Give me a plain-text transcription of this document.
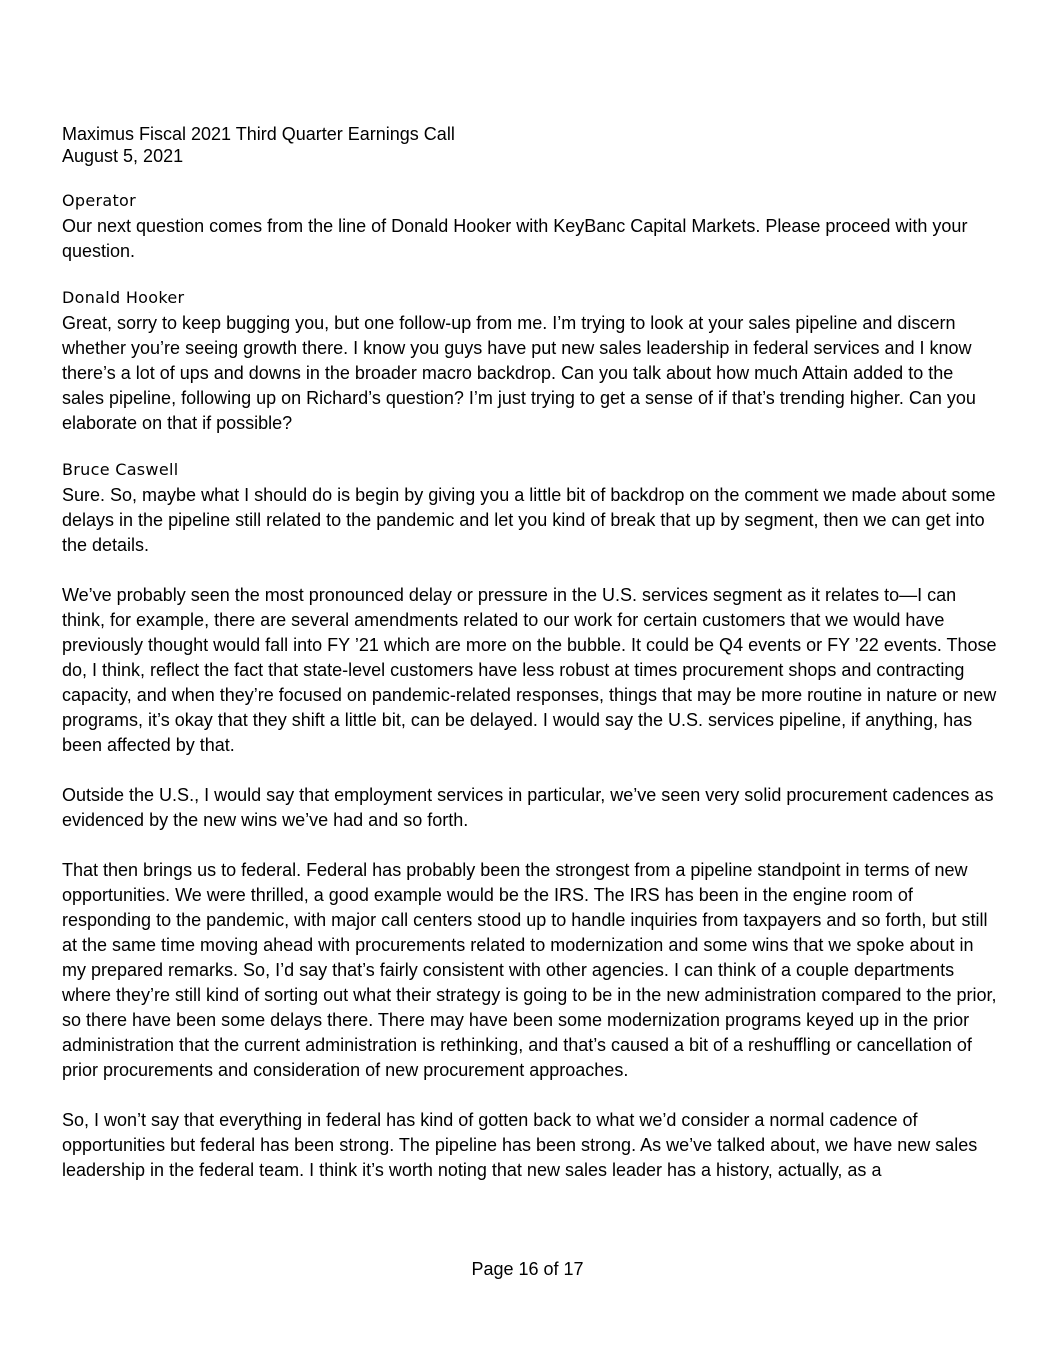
Maximus Fiscal 2021 Third Quarter Earnings Call

August 5, 2021

Operator

Our next question comes from the line of Donald Hooker with KeyBanc Capital Markets. Please proceed with your question.

Donald Hooker

Great, sorry to keep bugging you, but one follow-up from me. I’m trying to look at your sales pipeline and discern whether you’re seeing growth there. I know you guys have put new sales leadership in federal services and I know there’s a lot of ups and downs in the broader macro backdrop. Can you talk about how much Attain added to the sales pipeline, following up on Richard’s question? I’m just trying to get a sense of if that’s trending higher. Can you elaborate on that if possible?

Bruce Caswell

Sure. So, maybe what I should do is begin by giving you a little bit of backdrop on the comment we made about some delays in the pipeline still related to the pandemic and let you kind of break that up by segment, then we can get into the details.

We’ve probably seen the most pronounced delay or pressure in the U.S. services segment as it relates to—I can think, for example, there are several amendments related to our work for certain customers that we would have previously thought would fall into FY ’21 which are more on the bubble. It could be Q4 events or FY ’22 events. Those do, I think, reflect the fact that state-level customers have less robust at times procurement shops and contracting capacity, and when they’re focused on pandemic-related responses, things that may be more routine in nature or new programs, it’s okay that they shift a little bit, can be delayed. I would say the U.S. services pipeline, if anything, has been affected by that.

Outside the U.S., I would say that employment services in particular, we’ve seen very solid procurement cadences as evidenced by the new wins we’ve had and so forth.

That then brings us to federal. Federal has probably been the strongest from a pipeline standpoint in terms of new opportunities. We were thrilled, a good example would be the IRS. The IRS has been in the engine room of responding to the pandemic, with major call centers stood up to handle inquiries from taxpayers and so forth, but still at the same time moving ahead with procurements related to modernization and some wins that we spoke about in my prepared remarks. So, I’d say that’s fairly consistent with other agencies. I can think of a couple departments where they’re still kind of sorting out what their strategy is going to be in the new administration compared to the prior, so there have been some delays there. There may have been some modernization programs keyed up in the prior administration that the current administration is rethinking, and that’s caused a bit of a reshuffling or cancellation of prior procurements and consideration of new procurement approaches.

So, I won’t say that everything in federal has kind of gotten back to what we’d consider a normal cadence of opportunities but federal has been strong. The pipeline has been strong. As we’ve talked about, we have new sales leadership in the federal team. I think it’s worth noting that new sales leader has a history, actually, as a

Page 16 of 17
